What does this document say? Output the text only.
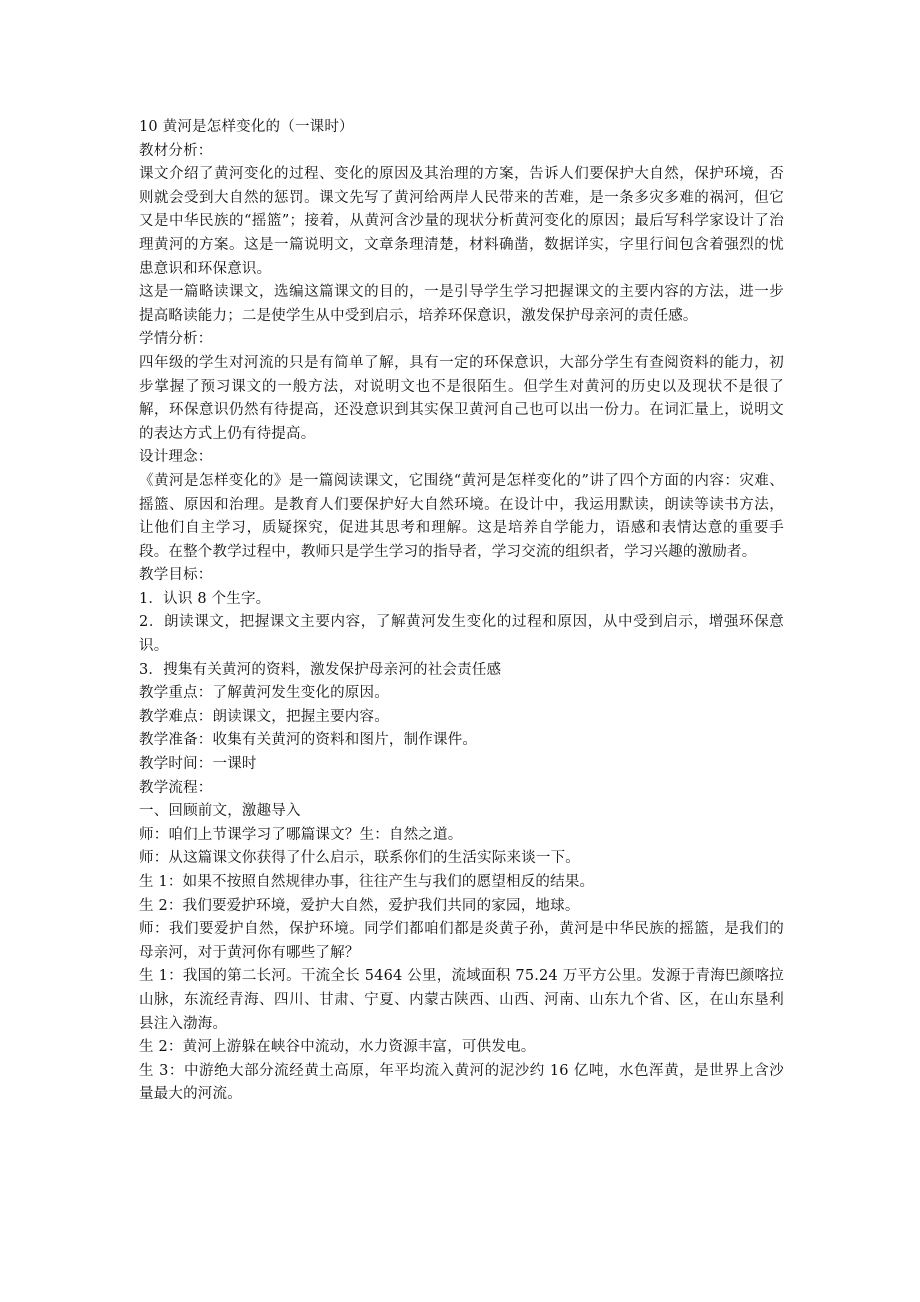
10 黄河是怎样变化的（一课时）

教材分析：

课文介绍了黄河变化的过程、变化的原因及其治理的方案，告诉人们要保护大自然，保护环境，否则就会受到大自然的惩罚。课文先写了黄河给两岸人民带来的苦难，是一条多灾多难的祸河，但它又是中华民族的“摇篮”；接着，从黄河含沙量的现状分析黄河变化的原因；最后写科学家设计了治理黄河的方案。这是一篇说明文，文章条理清楚，材料确凿，数据详实，字里行间包含着强烈的忧患意识和环保意识。

这是一篇略读课文，选编这篇课文的目的，一是引导学生学习把握课文的主要内容的方法，进一步提高略读能力；二是使学生从中受到启示，培养环保意识，激发保护母亲河的责任感。

学情分析：

四年级的学生对河流的只是有简单了解，具有一定的环保意识，大部分学生有查阅资料的能力，初步掌握了预习课文的一般方法，对说明文也不是很陌生。但学生对黄河的历史以及现状不是很了解，环保意识仍然有待提高，还没意识到其实保卫黄河自己也可以出一份力。在词汇量上，说明文的表达方式上仍有待提高。

设计理念：

《黄河是怎样变化的》是一篇阅读课文，它围绕“黄河是怎样变化的”讲了四个方面的内容：灾难、摇篮、原因和治理。是教育人们要保护好大自然环境。在设计中，我运用默读，朗读等读书方法，让他们自主学习，质疑探究，促进其思考和理解。这是培养自学能力，语感和表情达意的重要手段。在整个教学过程中，教师只是学生学习的指导者，学习交流的组织者，学习兴趣的激励者。

教学目标：

1．认识 8 个生字。

2．朗读课文，把握课文主要内容，了解黄河发生变化的过程和原因，从中受到启示，增强环保意识。

3．搜集有关黄河的资料，激发保护母亲河的社会责任感

教学重点：了解黄河发生变化的原因。

教学难点：朗读课文，把握主要内容。

教学准备：收集有关黄河的资料和图片，制作课件。

教学时间：一课时

教学流程：

一、回顾前文，激趣导入

师：咱们上节课学习了哪篇课文？生：自然之道。

师：从这篇课文你获得了什么启示，联系你们的生活实际来谈一下。

生 1：如果不按照自然规律办事，往往产生与我们的愿望相反的结果。

生 2：我们要爱护环境，爱护大自然，爱护我们共同的家园，地球。

师：我们要爱护自然，保护环境。同学们都咱们都是炎黄子孙，黄河是中华民族的摇篮，是我们的母亲河，对于黄河你有哪些了解？

生 1：我国的第二长河。干流全长 5464 公里，流域面积 75.24 万平方公里。发源于青海巴颜喀拉山脉，东流经青海、四川、甘肃、宁夏、内蒙古陕西、山西、河南、山东九个省、区，在山东垦利县注入渤海。

生 2：黄河上游躲在峡谷中流动，水力资源丰富，可供发电。

生 3：中游绝大部分流经黄土高原，年平均流入黄河的泥沙约 16 亿吨，水色浑黄，是世界上含沙量最大的河流。
